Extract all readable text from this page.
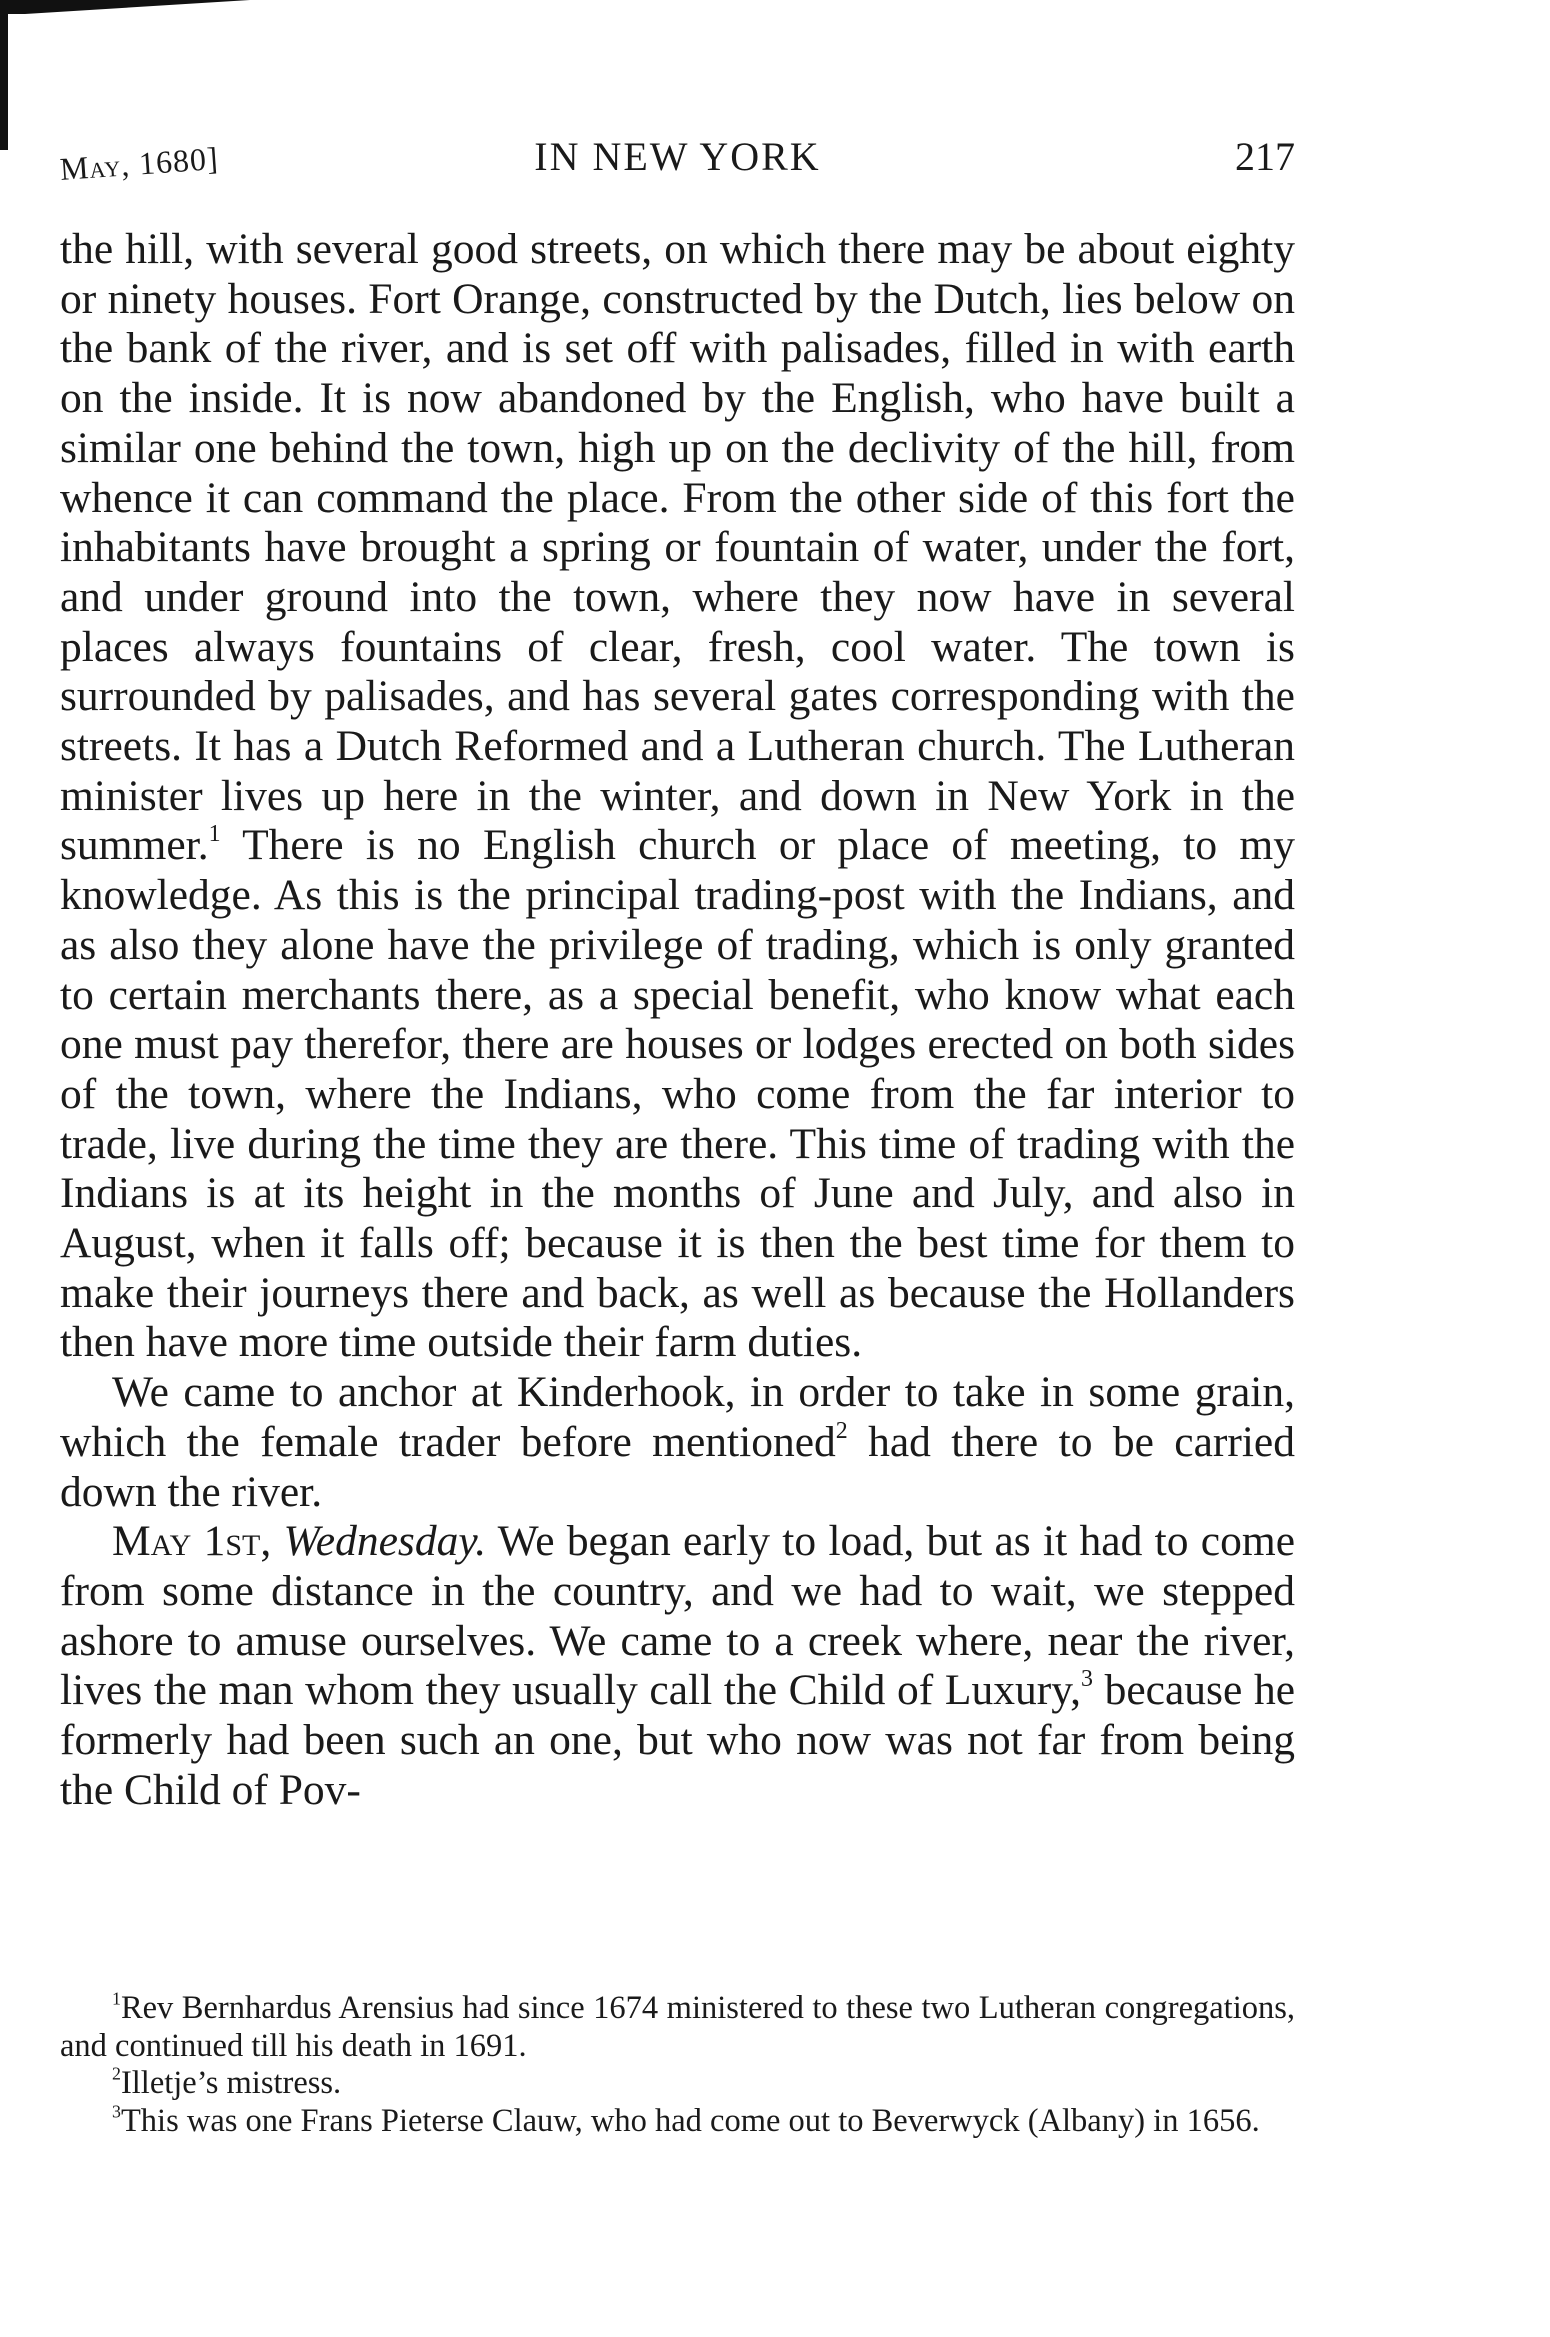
May, 1680]	IN NEW YORK	217

the hill, with several good streets, on which there may be about eighty or ninety houses. Fort Orange, constructed by the Dutch, lies below on the bank of the river, and is set off with palisades, filled in with earth on the inside. It is now abandoned by the English, who have built a similar one behind the town, high up on the declivity of the hill, from whence it can command the place. From the other side of this fort the inhabitants have brought a spring or fountain of water, under the fort, and under ground into the town, where they now have in several places always fountains of clear, fresh, cool water. The town is surrounded by palisades, and has several gates corresponding with the streets. It has a Dutch Reformed and a Lutheran church. The Lutheran minister lives up here in the winter, and down in New York in the summer.$^1$ There is no English church or place of meeting, to my knowledge. As this is the principal trading-post with the Indians, and as also they alone have the privilege of trading, which is only granted to certain merchants there, as a special benefit, who know what each one must pay therefor, there are houses or lodges erected on both sides of the town, where the Indians, who come from the far interior to trade, live during the time they are there. This time of trading with the Indians is at its height in the months of June and July, and also in August, when it falls off; because it is then the best time for them to make their journeys there and back, as well as because the Hollanders then have more time outside their farm duties.

We came to anchor at Kinderhook, in order to take in some grain, which the female trader before mentioned$^2$ had there to be carried down the river.

May 1st, Wednesday. We began early to load, but as it had to come from some distance in the country, and we had to wait, we stepped ashore to amuse ourselves. We came to a creek where, near the river, lives the man whom they usually call the Child of Luxury,$^3$ because he formerly had been such an one, but who now was not far from being the Child of Pov-

$^1$Rev Bernhardus Arensius had since 1674 ministered to these two Lutheran congregations, and continued till his death in 1691.

$^2$Illetje’s mistress.

$^3$This was one Frans Pieterse Clauw, who had come out to Beverwyck (Albany) in 1656.
